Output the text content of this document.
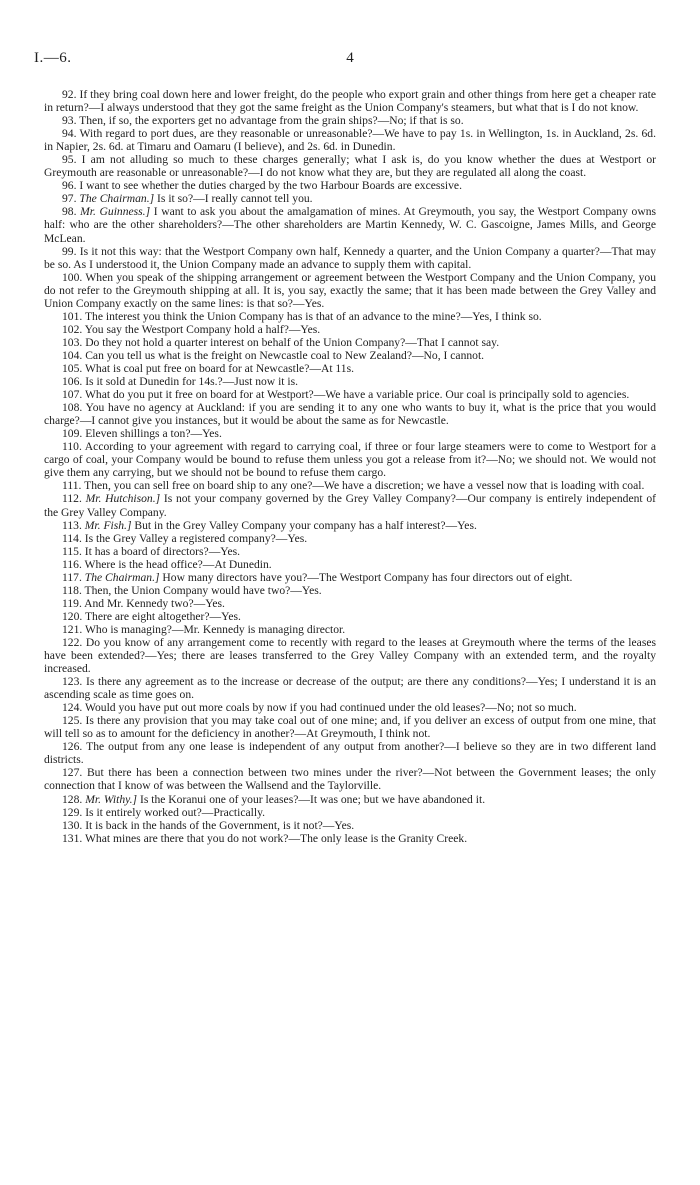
I.—6.	4

92. If they bring coal down here and lower freight, do the people who export grain and other things from here get a cheaper rate in return?—I always understood that they got the same freight as the Union Company's steamers, but what that is I do not know.

93. Then, if so, the exporters get no advantage from the grain ships?—No; if that is so.

94. With regard to port dues, are they reasonable or unreasonable?—We have to pay 1s. in Wellington, 1s. in Auckland, 2s. 6d. in Napier, 2s. 6d. at Timaru and Oamaru (I believe), and 2s. 6d. in Dunedin.

95. I am not alluding so much to these charges generally; what I ask is, do you know whether the dues at Westport or Greymouth are reasonable or unreasonable?—I do not know what they are, but they are regulated all along the coast.

96. I want to see whether the duties charged by the two Harbour Boards are excessive.

97. The Chairman.] Is it so?—I really cannot tell you.

98. Mr. Guinness.] I want to ask you about the amalgamation of mines. At Greymouth, you say, the Westport Company owns half: who are the other shareholders?—The other shareholders are Martin Kennedy, W. C. Gascoigne, James Mills, and George McLean.

99. Is it not this way: that the Westport Company own half, Kennedy a quarter, and the Union Company a quarter?—That may be so. As I understood it, the Union Company made an advance to supply them with capital.

100. When you speak of the shipping arrangement or agreement between the Westport Company and the Union Company, you do not refer to the Greymouth shipping at all. It is, you say, exactly the same; that it has been made between the Grey Valley and Union Company exactly on the same lines: is that so?—Yes.

101. The interest you think the Union Company has is that of an advance to the mine?—Yes, I think so.

102. You say the Westport Company hold a half?—Yes.

103. Do they not hold a quarter interest on behalf of the Union Company?—That I cannot say.

104. Can you tell us what is the freight on Newcastle coal to New Zealand?—No, I cannot.

105. What is coal put free on board for at Newcastle?—At 11s.

106. Is it sold at Dunedin for 14s.?—Just now it is.

107. What do you put it free on board for at Westport?—We have a variable price. Our coal is principally sold to agencies.

108. You have no agency at Auckland: if you are sending it to any one who wants to buy it, what is the price that you would charge?—I cannot give you instances, but it would be about the same as for Newcastle.

109. Eleven shillings a ton?—Yes.

110. According to your agreement with regard to carrying coal, if three or four large steamers were to come to Westport for a cargo of coal, your Company would be bound to refuse them unless you got a release from it?—No; we should not. We would not give them any carrying, but we should not be bound to refuse them cargo.

111. Then, you can sell free on board ship to any one?—We have a discretion; we have a vessel now that is loading with coal.

112. Mr. Hutchison.] Is not your company governed by the Grey Valley Company?—Our company is entirely independent of the Grey Valley Company.

113. Mr. Fish.] But in the Grey Valley Company your company has a half interest?—Yes.

114. Is the Grey Valley a registered company?—Yes.

115. It has a board of directors?—Yes.

116. Where is the head office?—At Dunedin.

117. The Chairman.] How many directors have you?—The Westport Company has four directors out of eight.

118. Then, the Union Company would have two?—Yes.

119. And Mr. Kennedy two?—Yes.

120. There are eight altogether?—Yes.

121. Who is managing?—Mr. Kennedy is managing director.

122. Do you know of any arrangement come to recently with regard to the leases at Greymouth where the terms of the leases have been extended?—Yes; there are leases transferred to the Grey Valley Company with an extended term, and the royalty increased.

123. Is there any agreement as to the increase or decrease of the output; are there any conditions?—Yes; I understand it is an ascending scale as time goes on.

124. Would you have put out more coals by now if you had continued under the old leases?—No; not so much.

125. Is there any provision that you may take coal out of one mine; and, if you deliver an excess of output from one mine, that will tell so as to amount for the deficiency in another?—At Greymouth, I think not.

126. The output from any one lease is independent of any output from another?—I believe so they are in two different land districts.

127. But there has been a connection between two mines under the river?—Not between the Government leases; the only connection that I know of was between the Wallsend and the Taylorville.

128. Mr. Withy.] Is the Koranui one of your leases?—It was one; but we have abandoned it.

129. Is it entirely worked out?—Practically.

130. It is back in the hands of the Government, is it not?—Yes.

131. What mines are there that you do not work?—The only lease is the Granity Creek.
